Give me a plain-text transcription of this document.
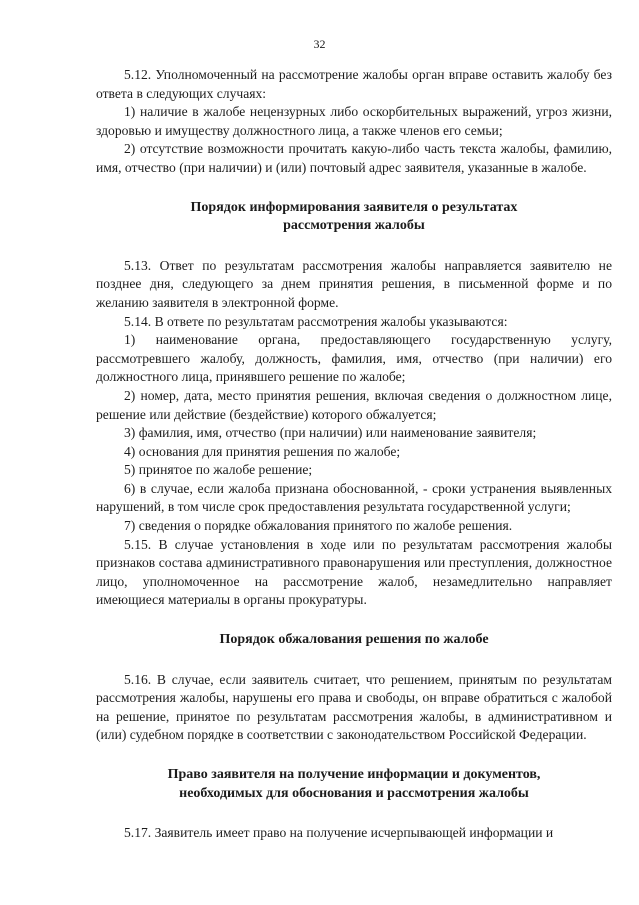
32

5.12. Уполномоченный на рассмотрение жалобы орган вправе оставить жалобу без ответа в следующих случаях:

1) наличие в жалобе нецензурных либо оскорбительных выражений, угроз жизни, здоровью и имуществу должностного лица, а также членов его семьи;

2) отсутствие возможности прочитать какую-либо часть текста жалобы, фамилию, имя, отчество (при наличии) и (или) почтовый адрес заявителя, указанные в жалобе.

Порядок информирования заявителя о результатах
рассмотрения жалобы

5.13. Ответ по результатам рассмотрения жалобы направляется заявителю не позднее дня, следующего за днем принятия решения, в письменной форме и по желанию заявителя в электронной форме.

5.14. В ответе по результатам рассмотрения жалобы указываются:

1) наименование органа, предоставляющего государственную услугу, рассмотревшего жалобу, должность, фамилия, имя, отчество (при наличии) его должностного лица, принявшего решение по жалобе;

2) номер, дата, место принятия решения, включая сведения о должностном лице, решение или действие (бездействие) которого обжалуется;

3) фамилия, имя, отчество (при наличии) или наименование заявителя;

4) основания для принятия решения по жалобе;

5) принятое по жалобе решение;

6) в случае, если жалоба признана обоснованной, - сроки устранения выявленных нарушений, в том числе срок предоставления результата государственной услуги;

7) сведения о порядке обжалования принятого по жалобе решения.

5.15. В случае установления в ходе или по результатам рассмотрения жалобы признаков состава административного правонарушения или преступления, должностное лицо, уполномоченное на рассмотрение жалоб, незамедлительно направляет имеющиеся материалы в органы прокуратуры.

Порядок обжалования решения по жалобе

5.16. В случае, если заявитель считает, что решением, принятым по результатам рассмотрения жалобы, нарушены его права и свободы, он вправе обратиться с жалобой на решение, принятое по результатам рассмотрения жалобы, в административном и (или) судебном порядке в соответствии с законодательством Российской Федерации.

Право заявителя на получение информации и документов,
необходимых для обоснования и рассмотрения жалобы

5.17. Заявитель имеет право на получение исчерпывающей информации и
